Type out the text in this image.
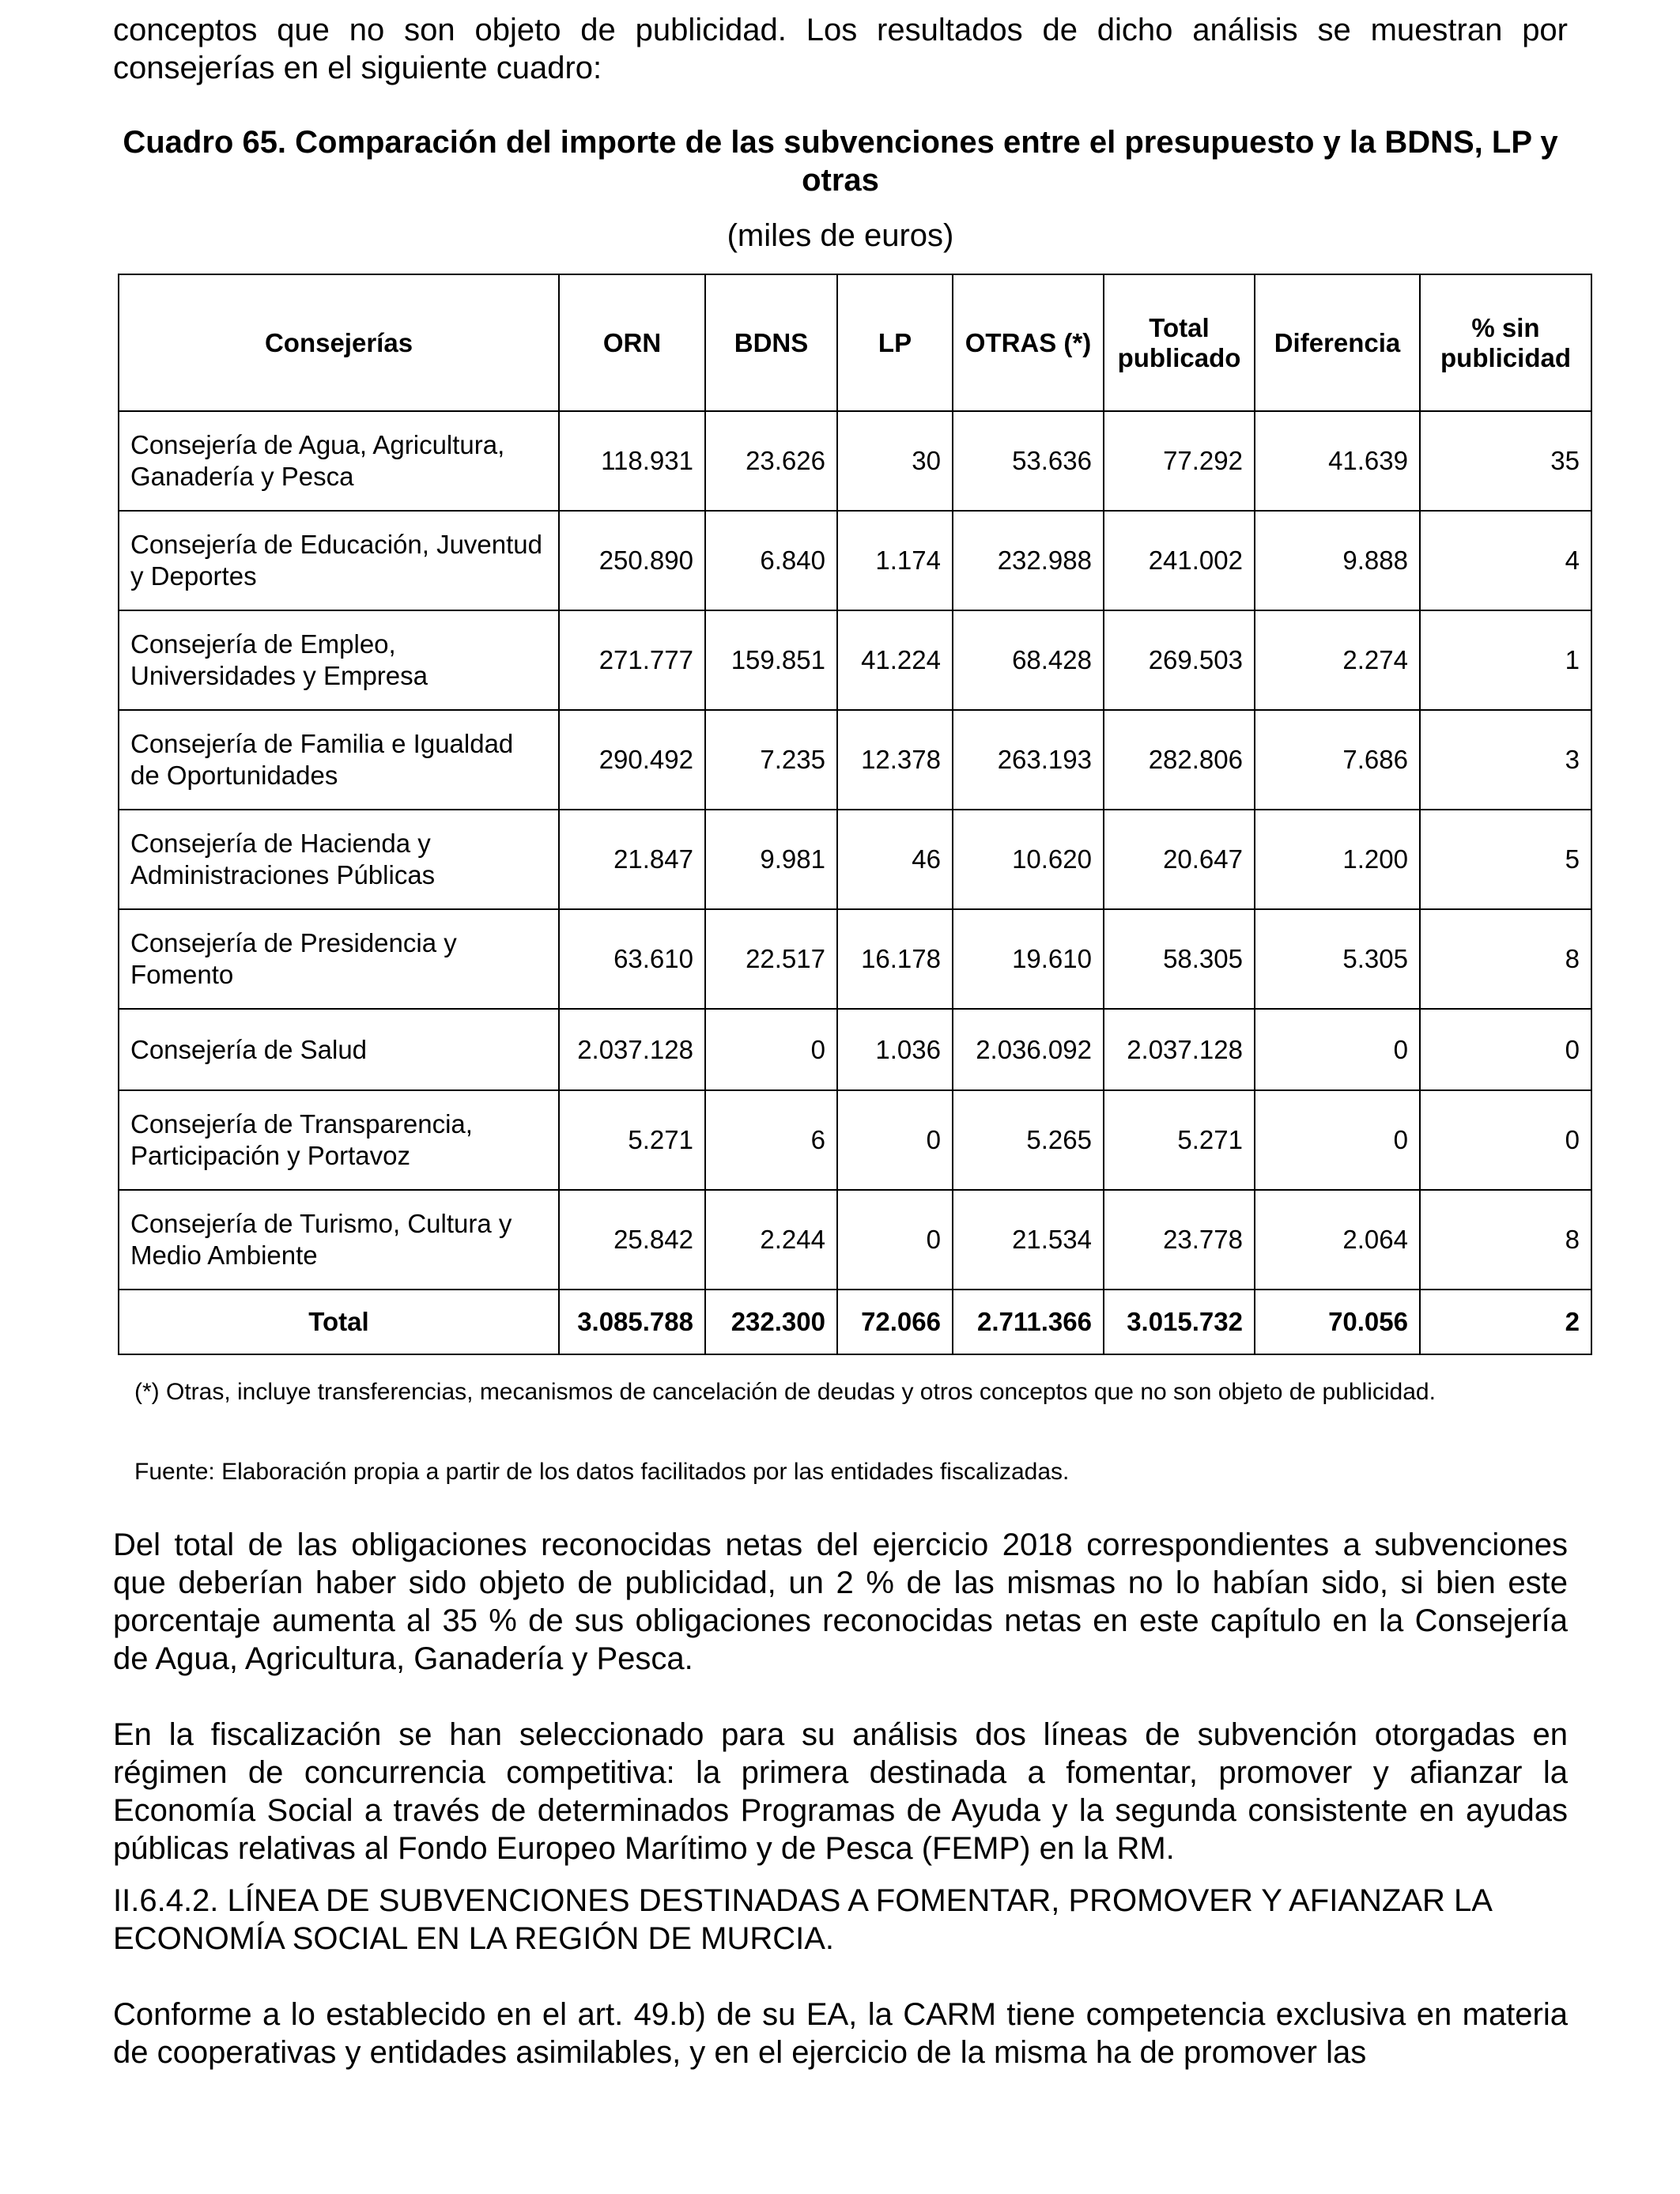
conceptos que no son objeto de publicidad. Los resultados de dicho análisis se muestran por consejerías en el siguiente cuadro:

Cuadro 65. Comparación del importe de las subvenciones entre el presupuesto y la BDNS, LP y otras

(miles de euros)

Consejerías	ORN	BDNS	LP	OTRAS (*)	Total publicado	Diferencia	% sin publicidad
Consejería de Agua, Agricultura, Ganadería y Pesca	118.931	23.626	30	53.636	77.292	41.639	35
Consejería de Educación, Juventud y Deportes	250.890	6.840	1.174	232.988	241.002	9.888	4
Consejería de Empleo, Universidades y Empresa	271.777	159.851	41.224	68.428	269.503	2.274	1
Consejería de Familia e Igualdad de Oportunidades	290.492	7.235	12.378	263.193	282.806	7.686	3
Consejería de Hacienda y Administraciones Públicas	21.847	9.981	46	10.620	20.647	1.200	5
Consejería de Presidencia y Fomento	63.610	22.517	16.178	19.610	58.305	5.305	8
Consejería de Salud	2.037.128	0	1.036	2.036.092	2.037.128	0	0
Consejería de Transparencia, Participación y Portavoz	5.271	6	0	5.265	5.271	0	0
Consejería de Turismo, Cultura y Medio Ambiente	25.842	2.244	0	21.534	23.778	2.064	8
Total	3.085.788	232.300	72.066	2.711.366	3.015.732	70.056	2

(*) Otras, incluye transferencias, mecanismos de cancelación de deudas y otros conceptos que no son objeto de publicidad.

Fuente: Elaboración propia a partir de los datos facilitados por las entidades fiscalizadas.

Del total de las obligaciones reconocidas netas del ejercicio 2018 correspondientes a subvenciones que deberían haber sido objeto de publicidad, un 2 % de las mismas no lo habían sido, si bien este porcentaje aumenta al 35 % de sus obligaciones reconocidas netas en este capítulo en la Consejería de Agua, Agricultura, Ganadería y Pesca.

En la fiscalización se han seleccionado para su análisis dos líneas de subvención otorgadas en régimen de concurrencia competitiva: la primera destinada a fomentar, promover y afianzar la Economía Social a través de determinados Programas de Ayuda y la segunda consistente en ayudas públicas relativas al Fondo Europeo Marítimo y de Pesca (FEMP) en la RM.

II.6.4.2. LÍNEA DE SUBVENCIONES DESTINADAS A FOMENTAR, PROMOVER Y AFIANZAR LA ECONOMÍA SOCIAL EN LA REGIÓN DE MURCIA.

Conforme a lo establecido en el art. 49.b) de su EA, la CARM tiene competencia exclusiva en materia de cooperativas y entidades asimilables, y en el ejercicio de la misma ha de promover las
